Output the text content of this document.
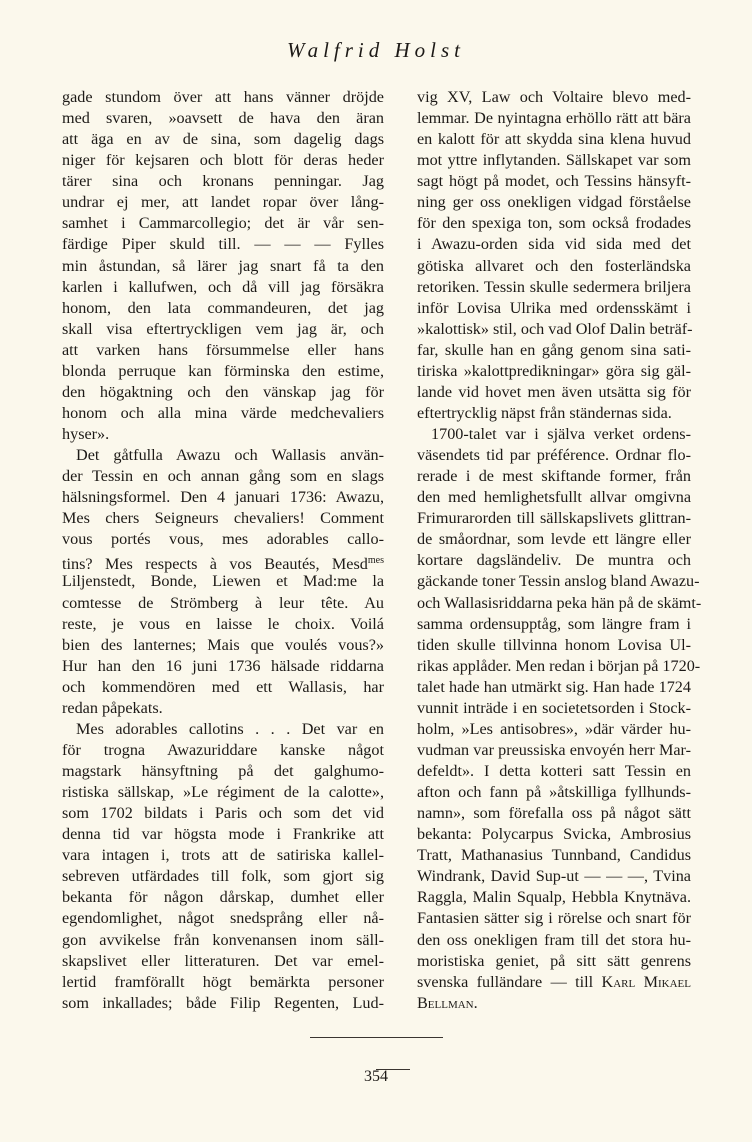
Walfrid Holst
gade stundom över att hans vänner dröjde
med svaren, »oavsett de hava den äran
att äga en av de sina, som dagelig dags
niger för kejsaren och blott för deras heder
tärer sina och kronans penningar. Jag
undrar ej mer, att landet ropar över lång-
samhet i Cammarcollegio; det är vår sen-
färdige Piper skuld till. — — — Fylles
min åstundan, så lärer jag snart få ta den
karlen i kallufwen, och då vill jag försäkra
honom, den lata commandeuren, det jag
skall visa eftertryckligen vem jag är, och
att varken hans försummelse eller hans
blonda perruque kan förminska den estime,
den högaktning och den vänskap jag för
honom och alla mina värde medchevaliers
hyser».
Det gåtfulla Awazu och Wallasis använ-
der Tessin en och annan gång som en slags
hälsningsformel. Den 4 januari 1736: Awazu,
Mes chers Seigneurs chevaliers! Comment
vous portés vous, mes adorables callo-
tins? Mes respects à vos Beautés, Mesd$^{mes}$
Liljenstedt, Bonde, Liewen et Mad:me la
comtesse de Strömberg à leur tête. Au
reste, je vous en laisse le choix. Voilá
bien des lanternes; Mais que voulés vous?»
Hur han den 16 juni 1736 hälsade riddarna
och kommendören med ett Wallasis, har
redan påpekats.
Mes adorables callotins . . . Det var en
för trogna Awazuriddare kanske något
magstark hänsyftning på det galghumo-
ristiska sällskap, »Le régiment de la calotte»,
som 1702 bildats i Paris och som det vid
denna tid var högsta mode i Frankrike att
vara intagen i, trots att de satiriska kallel-
sebreven utfärdades till folk, som gjort sig
bekanta för någon dårskap, dumhet eller
egendomlighet, något snedsprång eller nå-
gon avvikelse från konvenansen inom säll-
skapslivet eller litteraturen. Det var emel-
lertid framförallt högt bemärkta personer
som inkallades; både Filip Regenten, Lud-
vig XV, Law och Voltaire blevo med-
lemmar. De nyintagna erhöllo rätt att bära
en kalott för att skydda sina klena huvud
mot yttre inflytanden. Sällskapet var som
sagt högt på modet, och Tessins hänsyft-
ning ger oss onekligen vidgad förståelse
för den spexiga ton, som också frodades
i Awazu-orden sida vid sida med det
götiska allvaret och den fosterländska
retoriken. Tessin skulle sedermera briljera
inför Lovisa Ulrika med ordensskämt i
»kalottisk» stil, och vad Olof Dalin beträf-
far, skulle han en gång genom sina sati-
tiriska »kalottpredikningar» göra sig gäl-
lande vid hovet men även utsätta sig för
eftertrycklig näpst från ständernas sida.
1700-talet var i själva verket ordens-
väsendets tid par préférence. Ordnar flo-
rerade i de mest skiftande former, från
den med hemlighetsfullt allvar omgivna
Frimurarorden till sällskapslivets glittran-
de småordnar, som levde ett längre eller
kortare dagsländeliv. De muntra och
gäckande toner Tessin anslog bland Awazu-
och Wallasisriddarna peka hän på de skämt-
samma ordensupptåg, som längre fram i
tiden skulle tillvinna honom Lovisa Ul-
rikas applåder. Men redan i början på 1720-
talet hade han utmärkt sig. Han hade 1724
vunnit inträde i en societetsorden i Stock-
holm, »Les antisobres», »där värder hu-
vudman var preussiska envoyén herr Mar-
defeldt». I detta kotteri satt Tessin en
afton och fann på »åtskilliga fyllhunds-
namn», som förefalla oss på något sätt
bekanta: Polycarpus Svicka, Ambrosius
Tratt, Mathanasius Tunnband, Candidus
Windrank, David Sup-ut — — —, Tvina
Raggla, Malin Squalp, Hebbla Knytnäva.
Fantasien sätter sig i rörelse och snart för
den oss onekligen fram till det stora hu-
moristiska geniet, på sitt sätt genrens
svenska fulländare — till Karl Mikael
Bellman.
354
